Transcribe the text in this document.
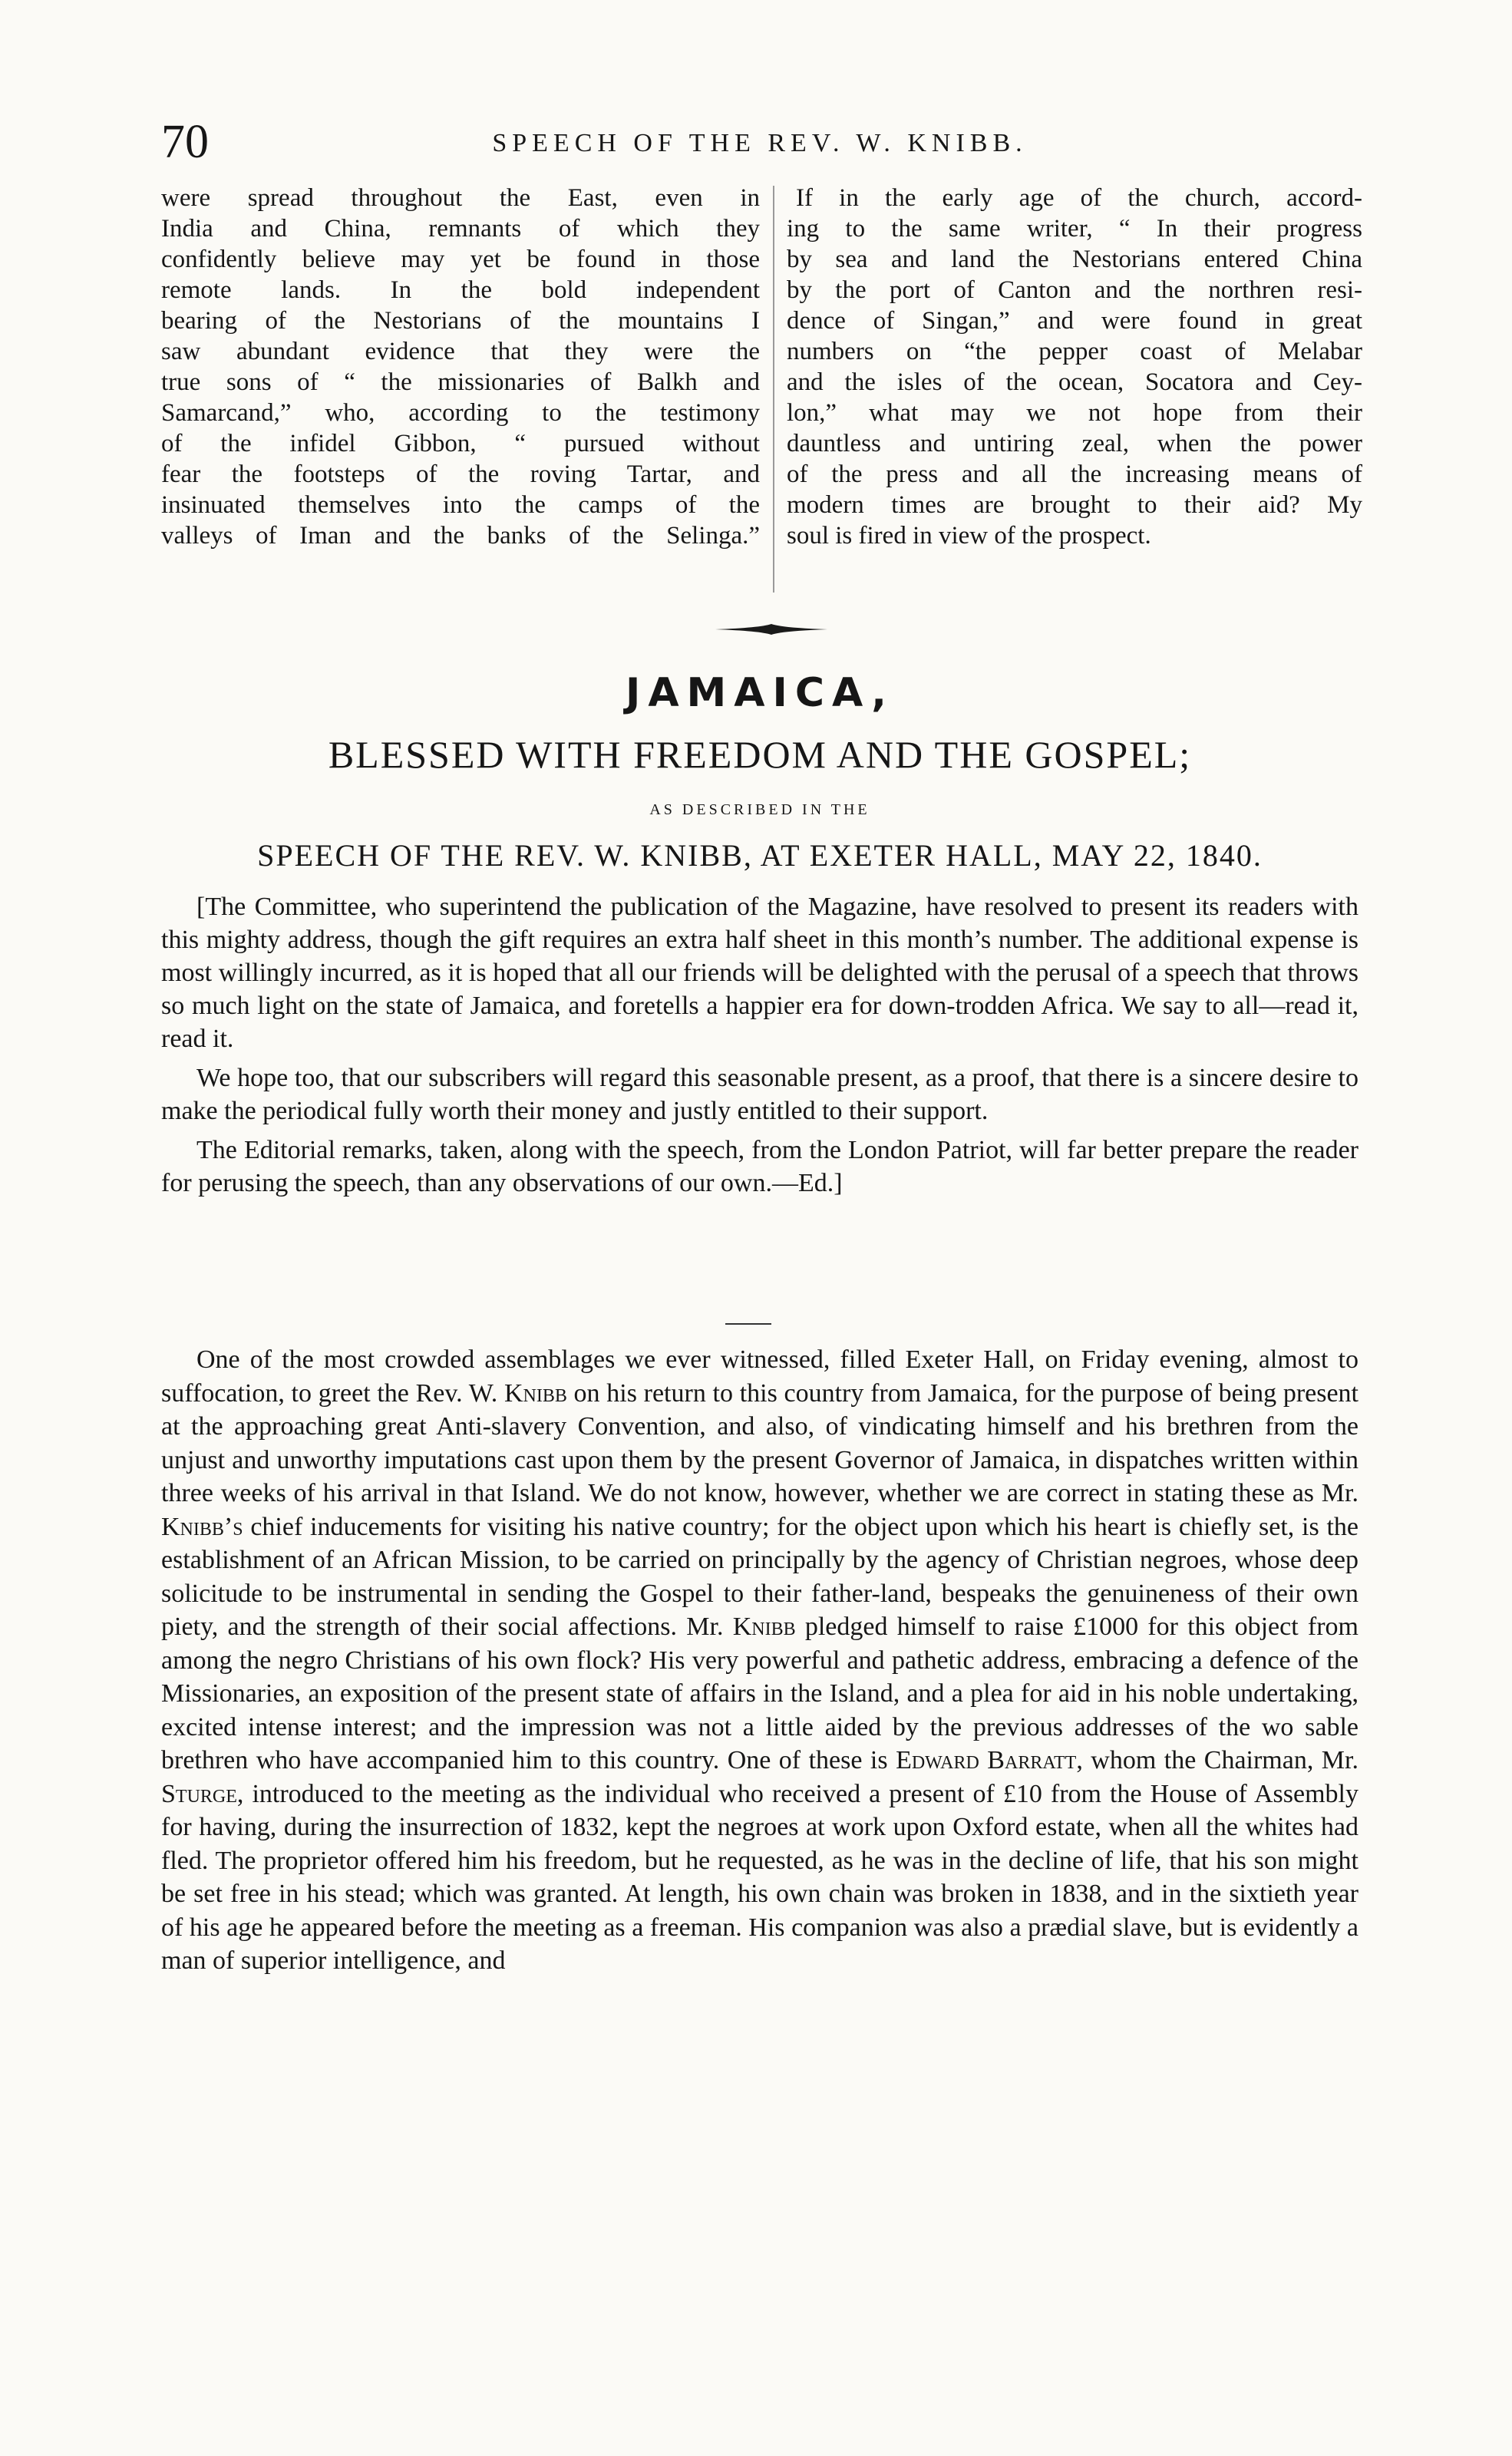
70	SPEECH OF THE REV. W. KNIBB.
were spread throughout the East, even in
India and China, remnants of which they
confidently believe may yet be found in those
remote lands. In the bold independent
bearing of the Nestorians of the mountains I
saw abundant evidence that they were the
true sons of “ the missionaries of Balkh and
Samarcand,” who, according to the testimony
of the infidel Gibbon, “ pursued without
fear the footsteps of the roving Tartar, and
insinuated themselves into the camps of the
valleys of Iman and the banks of the Selinga.”
If in the early age of the church, accord-
ing to the same writer, “ In their progress
by sea and land the Nestorians entered China
by the port of Canton and the northren resi-
dence of Singan,” and were found in great
numbers on “the pepper coast of Melabar
and the isles of the ocean, Socatora and Cey-
lon,” what may we not hope from their
dauntless and untiring zeal, when the power
of the press and all the increasing means of
modern times are brought to their aid? My
soul is fired in view of the prospect.
JAMAICA,
BLESSED WITH FREEDOM AND THE GOSPEL;
AS DESCRIBED IN THE
SPEECH OF THE REV. W. KNIBB, AT EXETER HALL, MAY 22, 1840.

[The Committee, who superintend the publication of the Magazine, have resolved to present its readers with this mighty address, though the gift requires an extra half sheet in this month’s number. The additional expense is most willingly incurred, as it is hoped that all our friends will be delighted with the perusal of a speech that throws so much light on the state of Jamaica, and foretells a happier era for down-trodden Africa. We say to all—read it, read it.

We hope too, that our subscribers will regard this seasonable present, as a proof, that there is a sincere desire to make the periodical fully worth their money and justly entitled to their support.

The Editorial remarks, taken, along with the speech, from the London Patriot, will far better prepare the reader for perusing the speech, than any observations of our own.—Ed.]

One of the most crowded assemblages we ever witnessed, filled Exeter Hall, on Friday evening, almost to suffocation, to greet the Rev. W. Knibb on his return to this country from Jamaica, for the purpose of being present at the approaching great Anti-slavery Convention, and also, of vindicating himself and his brethren from the unjust and unworthy imputations cast upon them by the present Governor of Jamaica, in dispatches written within three weeks of his arrival in that Island. We do not know, however, whether we are correct in stating these as Mr. Knibb’s chief inducements for visiting his native country; for the object upon which his heart is chiefly set, is the establishment of an African Mission, to be carried on principally by the agency of Christian negroes, whose deep solicitude to be instrumental in sending the Gospel to their father-land, bespeaks the genuineness of their own piety, and the strength of their social affections. Mr. Knibb pledged himself to raise £1000 for this object from among the negro Christians of his own flock? His very powerful and pathetic address, embracing a defence of the Missionaries, an exposition of the present state of affairs in the Island, and a plea for aid in his noble undertaking, excited intense interest; and the impression was not a little aided by the previous addresses of the wo sable brethren who have accompanied him to this country. One of these is Edward Barratt, whom the Chairman, Mr. Sturge, introduced to the meeting as the individual who received a present of £10 from the House of Assembly for having, during the insurrection of 1832, kept the negroes at work upon Oxford estate, when all the whites had fled. The proprietor offered him his freedom, but he requested, as he was in the decline of life, that his son might be set free in his stead; which was granted. At length, his own chain was broken in 1838, and in the sixtieth year of his age he appeared before the meeting as a freeman. His companion was also a prædial slave, but is evidently a man of superior intelligence, and
